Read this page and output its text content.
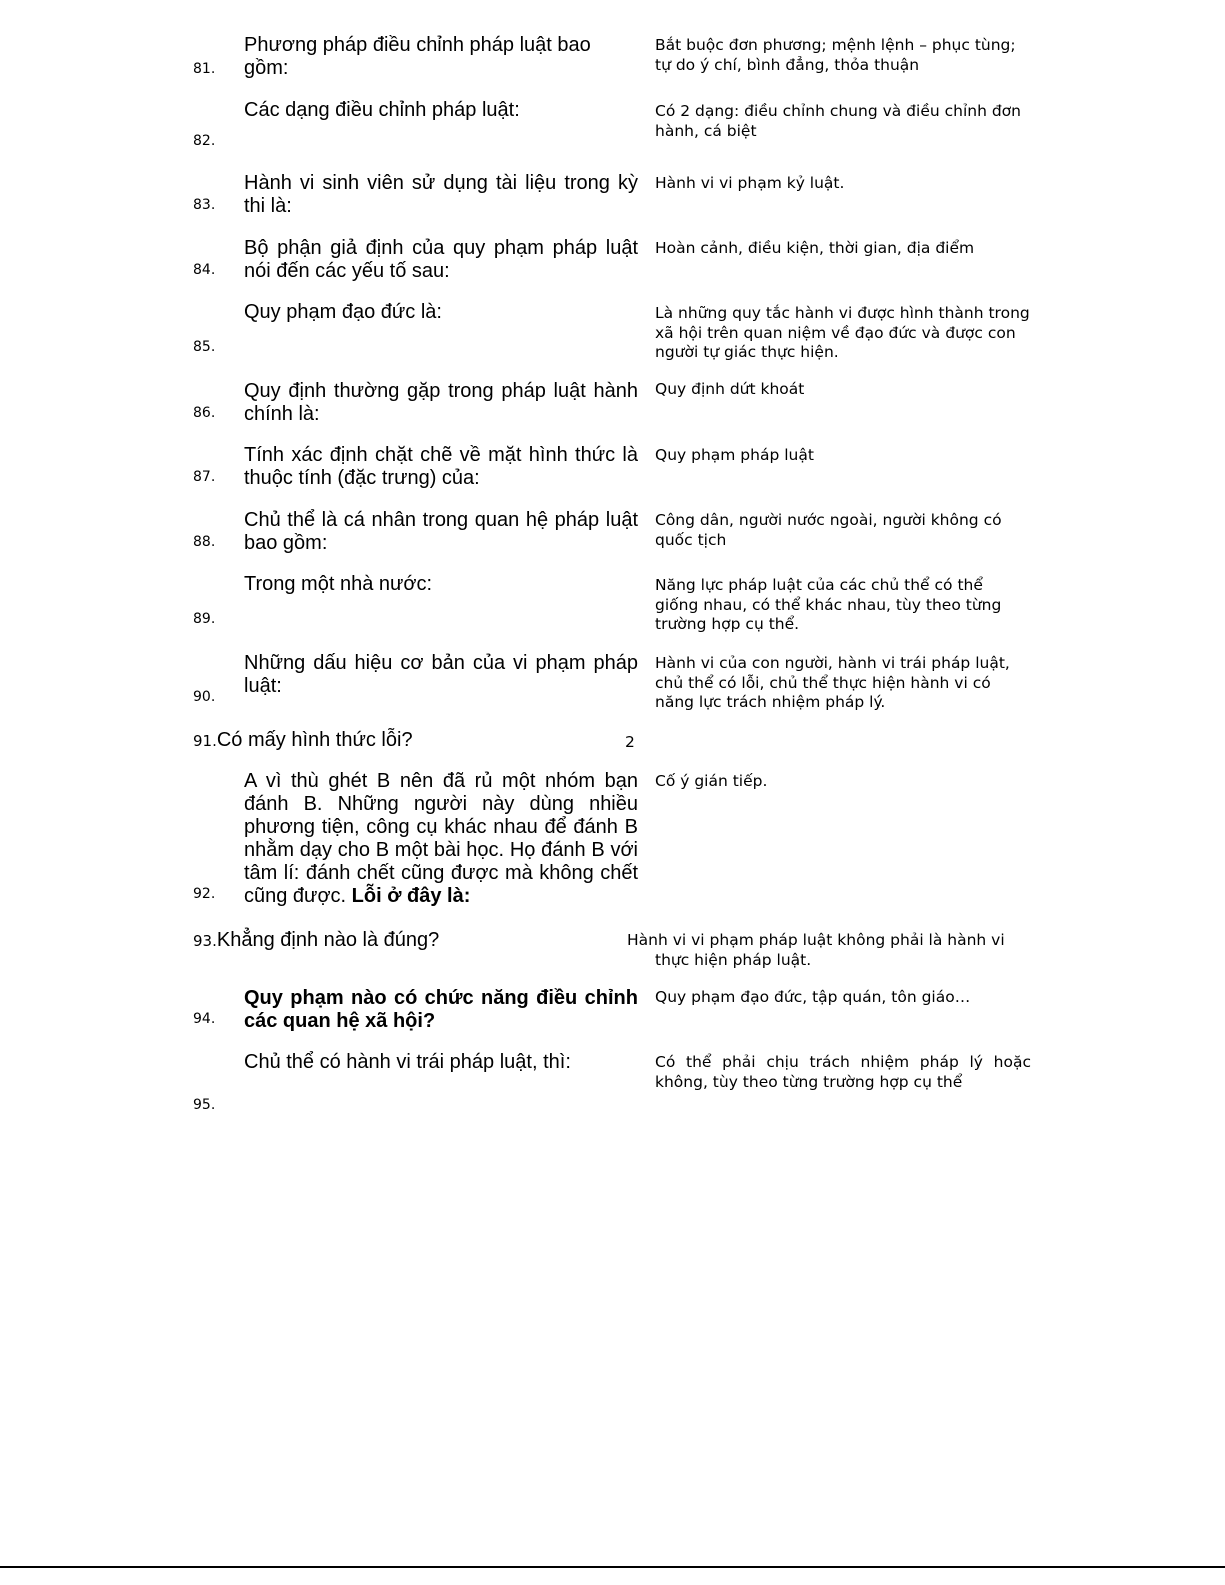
Phương pháp điều chỉnh pháp luật bao gồm:
81.
Bắt buộc đơn phương; mệnh lệnh – phục tùng; tự do ý chí, bình đẳng, thỏa thuận
Các dạng điều chỉnh pháp luật:
82.
Có 2 dạng: điều chỉnh chung và điều chỉnh đơn hành, cá biệt
Hành vi sinh viên sử dụng tài liệu trong kỳ thi là:
83.
Hành vi vi phạm kỷ luật.
Bộ phận giả định của quy phạm pháp luật nói đến các yếu tố sau:
84.
Hoàn cảnh, điều kiện, thời gian, địa điểm
Quy phạm đạo đức là:
85.
Là những quy tắc hành vi được hình thành trong xã hội trên quan niệm về đạo đức và được con người tự giác thực hiện.
Quy định thường gặp trong pháp luật hành chính là:
86.
Quy định dứt khoát
Tính xác định chặt chẽ về mặt hình thức là thuộc tính (đặc trưng) của:
87.
Quy phạm pháp luật
Chủ thể là cá nhân trong quan hệ pháp luật bao gồm:
88.
Công dân, người nước ngoài, người không có quốc tịch
Trong một nhà nước:
89.
Năng lực pháp luật của các chủ thể có thể giống nhau, có thể khác nhau, tùy theo từng trường hợp cụ thể.
Những dấu hiệu cơ bản của vi phạm pháp luật:
90.
Hành vi của con người, hành vi trái pháp luật, chủ thể có lỗi, chủ thể thực hiện hành vi có năng lực trách nhiệm pháp lý.
91.Có mấy hình thức lỗi?	2
A vì thù ghét B nên đã rủ một nhóm bạn đánh B. Những người này dùng nhiều phương tiện, công cụ khác nhau để đánh B nhằm dạy cho B một bài học. Họ đánh B với tâm lí: đánh chết cũng được mà không chết cũng được. Lỗi ở đây là:
92.
Cố ý gián tiếp.
93.Khẳng định nào là đúng?	Hành vi vi phạm pháp luật không phải là hành vi
thực hiện pháp luật.
Quy phạm nào có chức năng điều chỉnh các quan hệ xã hội?
94.
Quy phạm đạo đức, tập quán, tôn giáo…
Chủ thể có hành vi trái pháp luật, thì:
95.
Có thể phải chịu trách nhiệm pháp lý hoặc không, tùy theo từng trường hợp cụ thể
